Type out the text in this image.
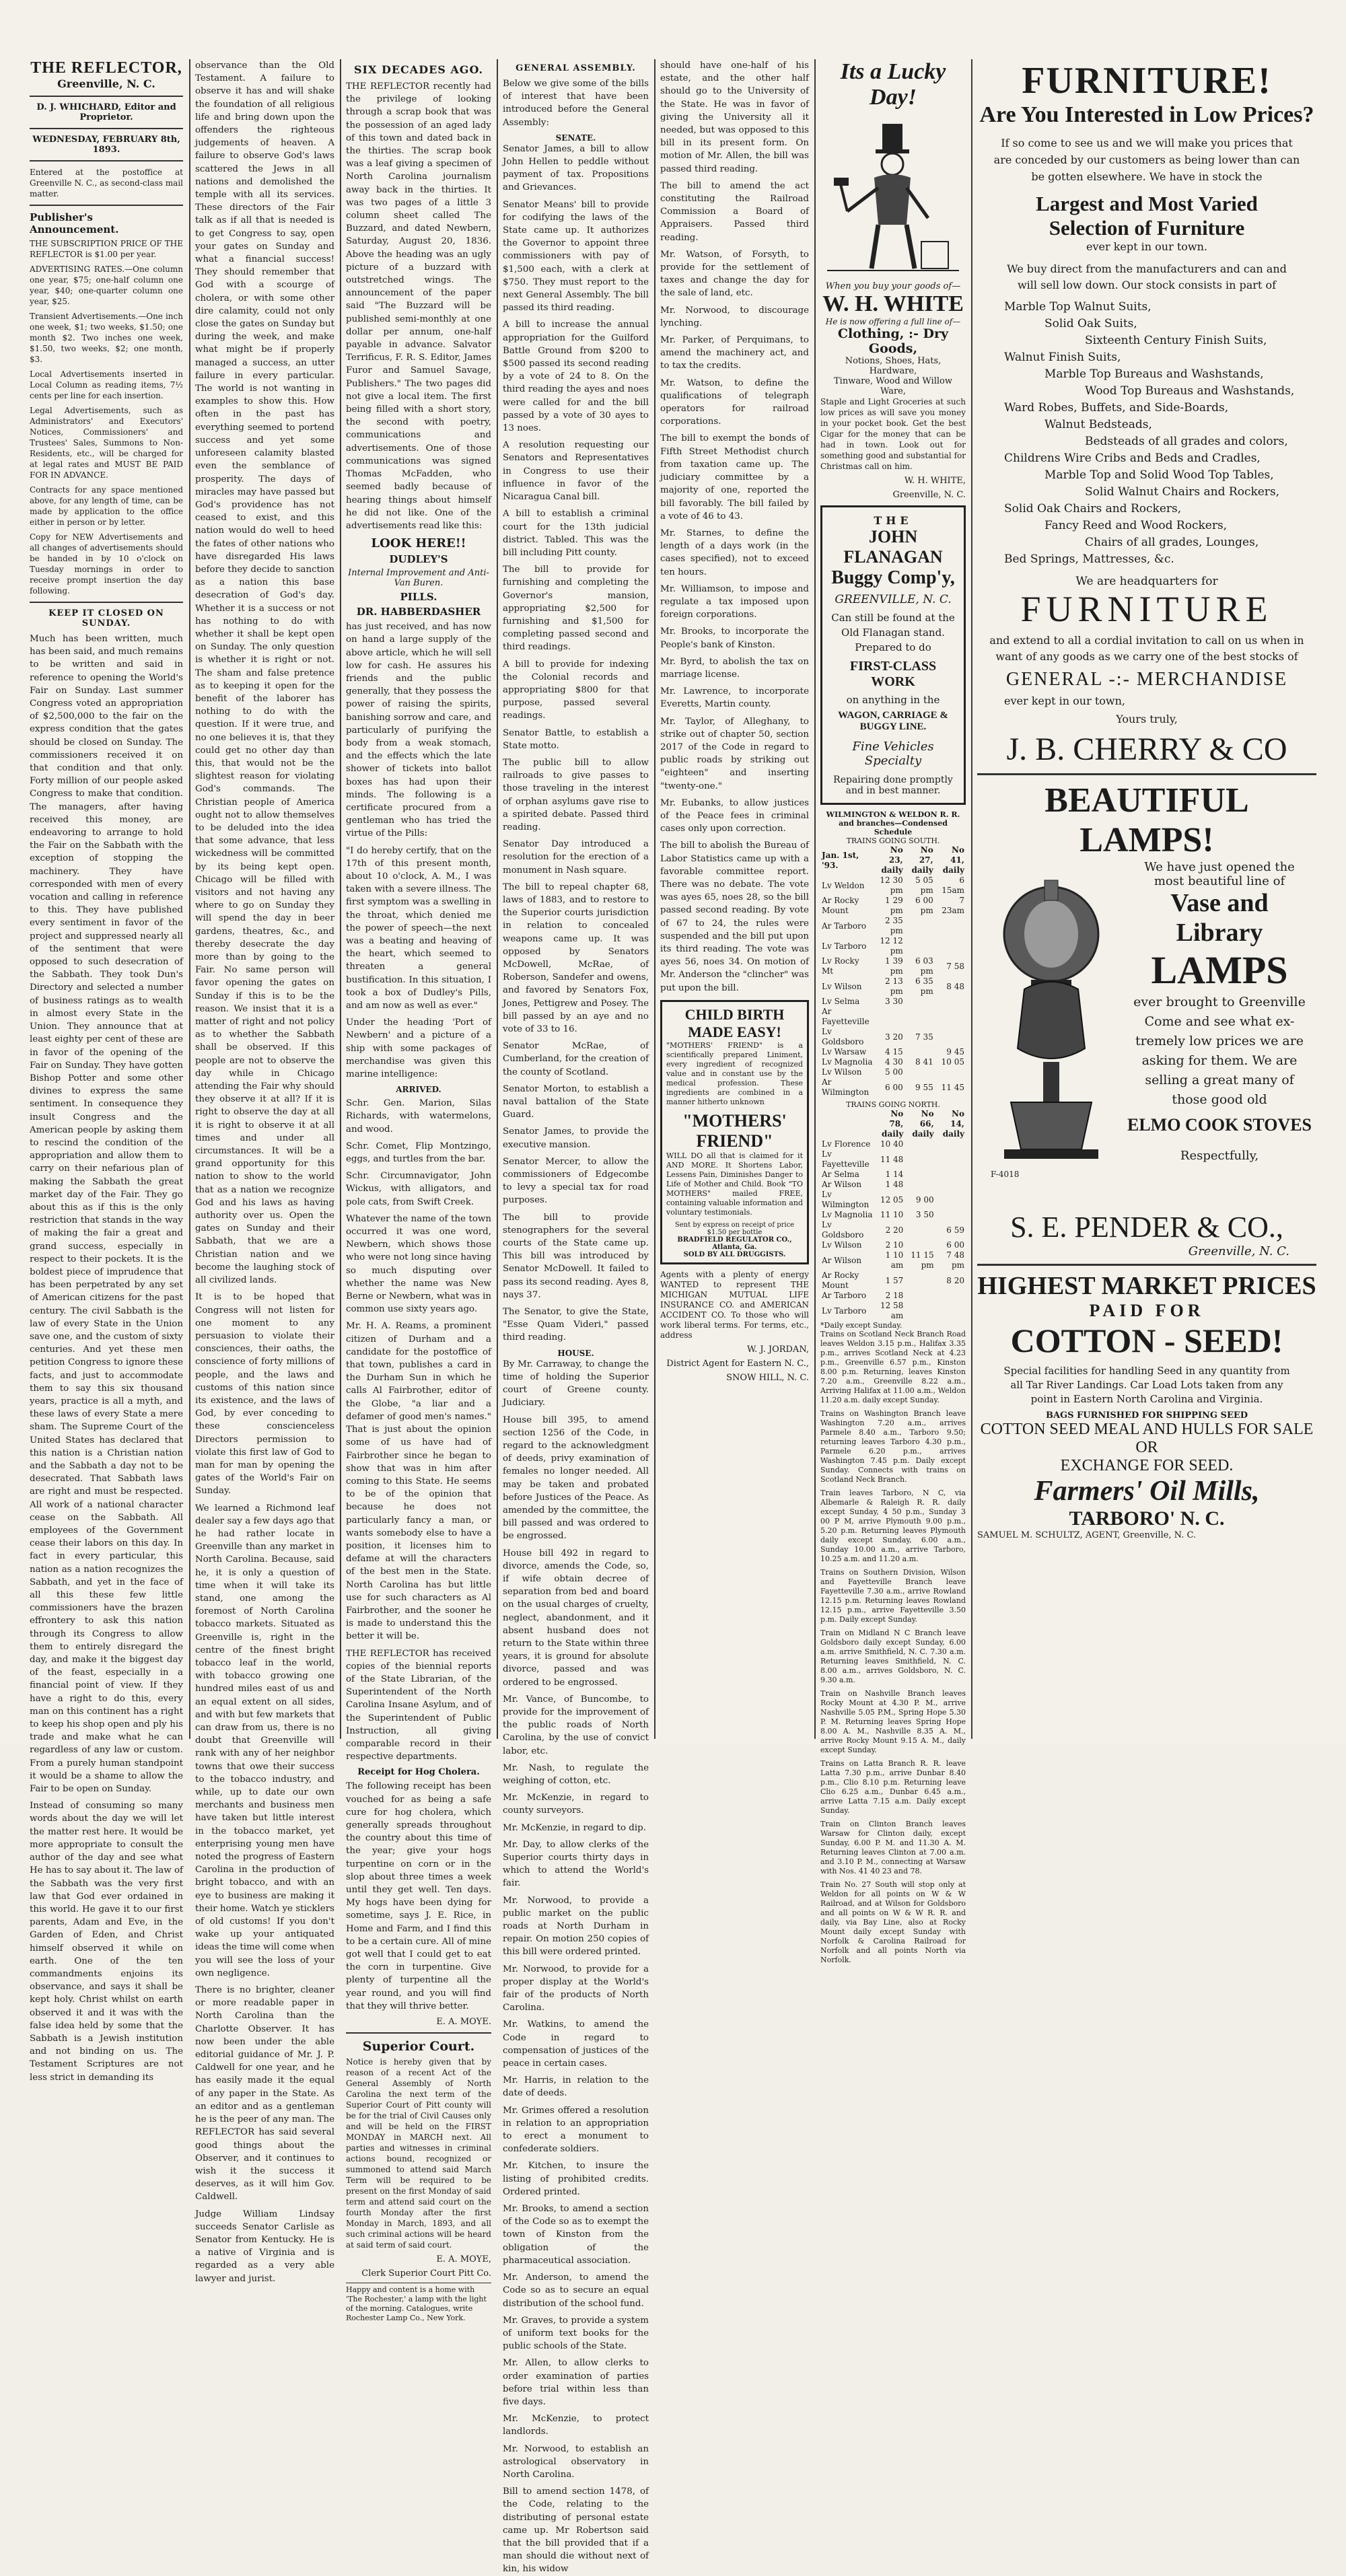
THE REFLECTOR,
Greenville, N. C.
D. J. WHICHARD, Editor and Proprietor.
WEDNESDAY, FEBRUARY 8th, 1893.

Entered at the postoffice at Greenville N. C., as second-class mail matter.

Publisher's Announcement.

THE SUBSCRIPTION PRICE OF THE REFLECTOR is $1.00 per year.

ADVERTISING RATES.—One column one year, $75; one-half column one year, $40; one-quarter column one year, $25.

Transient Advertisements.—One inch one week, $1; two weeks, $1.50; one month $2. Two inches one week, $1.50, two weeks, $2; one month, $3.

Local Advertisements inserted in Local Column as reading items, 7½ cents per line for each insertion.

Legal Advertisements, such as Administrators' and Executors' Notices, Commissioners' and Trustees' Sales, Summons to Non-Residents, etc., will be charged for at legal rates and MUST BE PAID FOR IN ADVANCE.

Contracts for any space mentioned above, for any length of time, can be made by application to the office either in person or by letter.

Copy for NEW Advertisements and all changes of advertisements should be handed in by 10 o'clock on Tuesday mornings in order to receive prompt insertion the day following.

KEEP IT CLOSED ON SUNDAY.

Much has been written, much has been said, and much remains to be written and said in reference to opening the World's Fair on Sunday. Last summer Congress voted an appropriation of $2,500,000 to the fair on the express condition that the gates should be closed on Sunday. The commissioners received it on that condition and that only. Forty million of our people asked Congress to make that condition. The managers, after having received this money, are endeavoring to arrange to hold the Fair on the Sabbath with the exception of stopping the machinery. They have corresponded with men of every vocation and calling in reference to this. They have published every sentiment in favor of the project and suppressed nearly all of the sentiment that were opposed to such desecration of the Sabbath. They took Dun's Directory and selected a number of business ratings as to wealth in almost every State in the Union. They announce that at least eighty per cent of these are in favor of the opening of the Fair on Sunday. They have gotten Bishop Potter and some other divines to express the same sentiment. In consequence they insult Congress and the American people by asking them to rescind the condition of the appropriation and allow them to carry on their nefarious plan of making the Sabbath the great market day of the Fair. They go about this as if this is the only restriction that stands in the way of making the fair a great and grand success, especially in respect to their pockets. It is the boldest piece of imprudence that has been perpetrated by any set of American citizens for the past century. The civil Sabbath is the law of every State in the Union save one, and the custom of sixty centuries. And yet these men petition Congress to ignore these facts, and just to accommodate them to say this six thousand years, practice is all a myth, and these laws of every State a mere sham. The Supreme Court of the United States has declared that this nation is a Christian nation and the Sabbath a day not to be desecrated. That Sabbath laws are right and must be respected. All work of a national character cease on the Sabbath. All employees of the Government cease their labors on this day. In fact in every particular, this nation as a nation recognizes the Sabbath, and yet in the face of all this these few little commissioners have the brazen effrontery to ask this nation through its Congress to allow them to entirely disregard the day, and make it the biggest day of the feast, especially in a financial point of view. If they have a right to do this, every man on this continent has a right to keep his shop open and ply his trade and make what he can regardless of any law or custom. From a purely human standpoint it would be a shame to allow the Fair to be open on Sunday.

Instead of consuming so many words about the day we will let the matter rest here. It would be more appropriate to consult the author of the day and see what He has to say about it. The law of the Sabbath was the very first law that God ever ordained in this world. He gave it to our first parents, Adam and Eve, in the Garden of Eden, and Christ himself observed it while on earth. One of the ten commandments enjoins its observance, and says it shall be kept holy. Christ whilst on earth observed it and it was with the false idea held by some that the Sabbath is a Jewish institution and not binding on us. The Testament Scriptures are not less strict in demanding its

observance than the Old Testament. A failure to observe it has and will shake the foundation of all religious life and bring down upon the offenders the righteous judgements of heaven. A failure to observe God's laws scattered the Jews in all nations and demolished the temple with all its services. These directors of the Fair talk as if all that is needed is to get Congress to say, open your gates on Sunday and what a financial success! They should remember that God with a scourge of cholera, or with some other dire calamity, could not only close the gates on Sunday but during the week, and make what might be if properly managed a success, an utter failure in every particular. The world is not wanting in examples to show this. How often in the past has everything seemed to portend success and yet some unforeseen calamity blasted even the semblance of prosperity. The days of miracles may have passed but God's providence has not ceased to exist, and this nation would do well to heed the fates of other nations who have disregarded His laws before they decide to sanction as a nation this base desecration of God's day. Whether it is a success or not has nothing to do with whether it shall be kept open on Sunday. The only question is whether it is right or not. The sham and false pretence as to keeping it open for the benefit of the laborer has nothing to do with the question. If it were true, and no one believes it is, that they could get no other day than this, that would not be the slightest reason for violating God's commands. The Christian people of America ought not to allow themselves to be deluded into the idea that some advance, that less wickedness will be committed by its being kept open. Chicago will be filled with visitors and not having any where to go on Sunday they will spend the day in beer gardens, theatres, &c., and thereby desecrate the day more than by going to the Fair. No same person will favor opening the gates on Sunday if this is to be the reason. We insist that it is a matter of right and not policy as to whether the Sabbath shall be observed. If this people are not to observe the day while in Chicago attending the Fair why should they observe it at all? If it is right to observe the day at all it is right to observe it at all times and under all circumstances. It will be a grand opportunity for this nation to show to the world that as a nation we recognize God and his laws as having authority over us. Open the gates on Sunday and their Sabbath, that we are a Christian nation and we become the laughing stock of all civilized lands.

It is to be hoped that Congress will not listen for one moment to any persuasion to violate their consciences, their oaths, the conscience of forty millions of people, and the laws and customs of this nation since its existence, and the laws of God, by ever conceding to these conscienceless Directors permission to violate this first law of God to man for man by opening the gates of the World's Fair on Sunday.

We learned a Richmond leaf dealer say a few days ago that he had rather locate in Greenville than any market in North Carolina. Because, said he, it is only a question of time when it will take its stand, one among the foremost of North Carolina tobacco markets. Situated as Greenville is, right in the centre of the finest bright tobacco leaf in the world, with tobacco growing one hundred miles east of us and an equal extent on all sides, and with but few markets that can draw from us, there is no doubt that Greenville will rank with any of her neighbor towns that owe their success to the tobacco industry, and while, up to date our own merchants and business men have taken but little interest in the tobacco market, yet enterprising young men have noted the progress of Eastern Carolina in the production of bright tobacco, and with an eye to business are making it their home. Watch ye sticklers of old customs! If you don't wake up your antiquated ideas the time will come when you will see the loss of your own negligence.

There is no brighter, cleaner or more readable paper in North Carolina than the Charlotte Observer. It has now been under the able editorial guidance of Mr. J. P. Caldwell for one year, and he has easily made it the equal of any paper in the State. As an editor and as a gentleman he is the peer of any man. The REFLECTOR has said several good things about the Observer, and it continues to wish it the success it deserves, as it will him Gov. Caldwell.

Judge William Lindsay succeeds Senator Carlisle as Senator from Kentucky. He is a native of Virginia and is regarded as a very able lawyer and jurist.

SIX DECADES AGO.

THE REFLECTOR recently had the privilege of looking through a scrap book that was the possession of an aged lady of this town and dated back in the thirties. The scrap book was a leaf giving a specimen of North Carolina journalism away back in the thirties. It was two pages of a little 3 column sheet called The Buzzard, and dated Newbern, Saturday, August 20, 1836. Above the heading was an ugly picture of a buzzard with outstretched wings. The announcement of the paper said "The Buzzard will be published semi-monthly at one dollar per annum, one-half payable in advance. Salvator Terrificus, F. R. S. Editor, James Furor and Samuel Savage, Publishers." The two pages did not give a local item. The first being filled with a short story, the second with poetry, communications and advertisements. One of those communications was signed Thomas McFadden, who seemed badly because of hearing things about himself he did not like. One of the advertisements read like this:

LOOK HERE!!
DUDLEY'S
Internal Improvement and Anti-Van Buren.
PILLS.
DR. HABBERDASHER

has just received, and has now on hand a large supply of the above article, which he will sell low for cash. He assures his friends and the public generally, that they possess the power of raising the spirits, banishing sorrow and care, and particularly of purifying the body from a weak stomach, and the effects which the late shower of tickets into ballot boxes has had upon their minds. The following is a certificate procured from a gentleman who has tried the virtue of the Pills:

"I do hereby certify, that on the 17th of this present month, about 10 o'clock, A. M., I was taken with a severe illness. The first symptom was a swelling in the throat, which denied me the power of speech—the next was a beating and heaving of the heart, which seemed to threaten a general bustification. In this situation, I took a box of Dudley's Pills, and am now as well as ever."

Under the heading 'Port of Newbern' and a picture of a ship with some packages of merchandise was given this marine intelligence:

ARRIVED.

Schr. Gen. Marion, Silas Richards, with watermelons, and wood.

Schr. Comet, Flip Montzingo, eggs, and turtles from the bar.

Schr. Circumnavigator, John Wickus, with alligators, and pole cats, from Swift Creek.

Whatever the name of the town occurred it was one word, Newbern, which shows those who were not long since having so much disputing over whether the name was New Berne or Newbern, what was in common use sixty years ago.

Mr. H. A. Reams, a prominent citizen of Durham and a candidate for the postoffice of that town, publishes a card in the Durham Sun in which he calls Al Fairbrother, editor of the Globe, "a liar and a defamer of good men's names." That is just about the opinion some of us have had of Fairbrother since he began to show that was in him after coming to this State. He seems to be of the opinion that because he does not particularly fancy a man, or wants somebody else to have a position, it licenses him to defame at will the characters of the best men in the State. North Carolina has but little use for such characters as Al Fairbrother, and the sooner he is made to understand this the better it will be.

THE REFLECTOR has received copies of the biennial reports of the State Librarian, of the Superintendent of the North Carolina Insane Asylum, and of the Superintendent of Public Instruction, all giving comparable record in their respective departments.

Receipt for Hog Cholera.

The following receipt has been vouched for as being a safe cure for hog cholera, which generally spreads throughout the country about this time of the year; give your hogs turpentine on corn or in the slop about three times a week until they get well. Ten days. My hogs have been dying for sometime, says J. E. Rice, in Home and Farm, and I find this to be a certain cure. All of mine got well that I could get to eat the corn in turpentine. Give plenty of turpentine all the year round, and you will find that they will thrive better.

E. A. MOYE.
Superior Court.

Notice is hereby given that by reason of a recent Act of the General Assembly of North Carolina the next term of the Superior Court of Pitt county will be for the trial of Civil Causes only and will be held on the FIRST MONDAY in MARCH next. All parties and witnesses in criminal actions bound, recognized or summoned to attend said March Term will be required to be present on the first Monday of said term and attend said court on the fourth Monday after the first Monday in March, 1893, and all such criminal actions will be heard at said term of said court.

E. A. MOYE,
Clerk Superior Court Pitt Co.
Happy and content is a home with 'The Rochester,' a lamp with the light of the morning. Catalogues, write Rochester Lamp Co., New York.
GENERAL ASSEMBLY.

Below we give some of the bills of interest that have been introduced before the General Assembly:

SENATE.

Senator James, a bill to allow John Hellen to peddle without payment of tax. Propositions and Grievances.

Senator Means' bill to provide for codifying the laws of the State came up. It authorizes the Governor to appoint three commissioners with pay of $1,500 each, with a clerk at $750. They must report to the next General Assembly. The bill passed its third reading.

A bill to increase the annual appropriation for the Guilford Battle Ground from $200 to $500 passed its second reading by a vote of 24 to 8. On the third reading the ayes and noes were called for and the bill passed by a vote of 30 ayes to 13 noes.

A resolution requesting our Senators and Representatives in Congress to use their influence in favor of the Nicaragua Canal bill.

A bill to establish a criminal court for the 13th judicial district. Tabled. This was the bill including Pitt county.

The bill to provide for furnishing and completing the Governor's mansion, appropriating $2,500 for furnishing and $1,500 for completing passed second and third readings.

A bill to provide for indexing the Colonial records and appropriating $800 for that purpose, passed several readings.

Senator Battle, to establish a State motto.

The public bill to allow railroads to give passes to those traveling in the interest of orphan asylums gave rise to a spirited debate. Passed third reading.

Senator Day introduced a resolution for the erection of a monument in Nash square.

The bill to repeal chapter 68, laws of 1883, and to restore to the Superior courts jurisdiction in relation to concealed weapons came up. It was opposed by Senators McDowell, McRae, of Roberson, Sandefer and owens, and favored by Senators Fox, Jones, Pettigrew and Posey. The bill passed by an aye and no vote of 33 to 16.

Senator McRae, of Cumberland, for the creation of the county of Scotland.

Senator Morton, to establish a naval battalion of the State Guard.

Senator James, to provide the executive mansion.

Senator Mercer, to allow the commissioners of Edgecombe to levy a special tax for road purposes.

The bill to provide stenographers for the several courts of the State came up. This bill was introduced by Senator McDowell. It failed to pass its second reading. Ayes 8, nays 37.

The Senator, to give the State, "Esse Quam Videri," passed third reading.

HOUSE.

By Mr. Carraway, to change the time of holding the Superior court of Greene county. Judiciary.

House bill 395, to amend section 1256 of the Code, in regard to the acknowledgment of deeds, privy examination of females no longer needed. All may be taken and probated before Justices of the Peace. As amended by the committee, the bill passed and was ordered to be engrossed.

House bill 492 in regard to divorce, amends the Code, so, if wife obtain decree of separation from bed and board on the usual charges of cruelty, neglect, abandonment, and it absent husband does not return to the State within three years, it is ground for absolute divorce, passed and was ordered to be engrossed.

Mr. Vance, of Buncombe, to provide for the improvement of the public roads of North Carolina, by the use of convict labor, etc.

Mr. Nash, to regulate the weighing of cotton, etc.

Mr. McKenzie, in regard to county surveyors.

Mr. McKenzie, in regard to dip.

Mr. Day, to allow clerks of the Superior courts thirty days in which to attend the World's fair.

Mr. Norwood, to provide a public market on the public roads at North Durham in repair. On motion 250 copies of this bill were ordered printed.

Mr. Norwood, to provide for a proper display at the World's fair of the products of North Carolina.

Mr. Watkins, to amend the Code in regard to compensation of justices of the peace in certain cases.

Mr. Harris, in relation to the date of deeds.

Mr. Grimes offered a resolution in relation to an appropriation to erect a monument to confederate soldiers.

Mr. Kitchen, to insure the listing of prohibited credits. Ordered printed.

Mr. Brooks, to amend a section of the Code so as to exempt the town of Kinston from the obligation of the pharmaceutical association.

Mr. Anderson, to amend the Code so as to secure an equal distribution of the school fund.

Mr. Graves, to provide a system of uniform text books for the public schools of the State.

Mr. Allen, to allow clerks to order examination of parties before trial within less than five days.

Mr. McKenzie, to protect landlords.

Mr. Norwood, to establish an astrological observatory in North Carolina.

Bill to amend section 1478, of the Code, relating to the distributing of personal estate came up. Mr Robertson said that the bill provided that if a man should die without next of kin, his widow

should have one-half of his estate, and the other half should go to the University of the State. He was in favor of giving the University all it needed, but was opposed to this bill in its present form. On motion of Mr. Allen, the bill was passed third reading.

The bill to amend the act constituting the Railroad Commission a Board of Appraisers. Passed third reading.

Mr. Watson, of Forsyth, to provide for the settlement of taxes and change the day for the sale of land, etc.

Mr. Norwood, to discourage lynching.

Mr. Parker, of Perquimans, to amend the machinery act, and to tax the credits.

Mr. Watson, to define the qualifications of telegraph operators for railroad corporations.

The bill to exempt the bonds of Fifth Street Methodist church from taxation came up. The judiciary committee by a majority of one, reported the bill favorably. The bill failed by a vote of 46 to 43.

Mr. Starnes, to define the length of a days work (in the cases specified), not to exceed ten hours.

Mr. Williamson, to impose and regulate a tax imposed upon foreign corporations.

Mr. Brooks, to incorporate the People's bank of Kinston.

Mr. Byrd, to abolish the tax on marriage license.

Mr. Lawrence, to incorporate Everetts, Martin county.

Mr. Taylor, of Alleghany, to strike out of chapter 50, section 2017 of the Code in regard to public roads by striking out "eighteen" and inserting "twenty-one."

Mr. Eubanks, to allow justices of the Peace fees in criminal cases only upon correction.

The bill to abolish the Bureau of Labor Statistics came up with a favorable committee report. There was no debate. The vote was ayes 65, noes 28, so the bill passed second reading. By vote of 67 to 24, the rules were suspended and the bill put upon its third reading. The vote was ayes 56, noes 34. On motion of Mr. Anderson the "clincher" was put upon the bill.

CHILD BIRTH
MADE EASY!

"MOTHERS' FRIEND" is a scientifically prepared Liniment, every ingredient of recognized value and in constant use by the medical profession. These ingredients are combined in a manner hitherto unknown

"MOTHERS' FRIEND"

WILL DO all that is claimed for it AND MORE. It Shortens Labor, Lessens Pain, Diminishes Danger to Life of Mother and Child. Book "TO MOTHERS" mailed FREE, containing valuable information and voluntary testimonials.

Sent by express on receipt of price $1.50 per bottle
BRADFIELD REGULATOR CO., Atlanta, Ga.
SOLD BY ALL DRUGGISTS.

Agents with a plenty of energy WANTED to represent THE MICHIGAN MUTUAL LIFE INSURANCE CO. and AMERICAN ACCIDENT CO. To those who will work liberal terms. For terms, etc., address

W. J. JORDAN,
District Agent for Eastern N. C.,
SNOW HILL, N. C.
Its a Lucky Day!
When you buy your goods of—
W. H. WHITE
He is now offering a full line of—
Clothing, :- Dry Goods,
Notions, Shoes, Hats, Hardware,
Tinware, Wood and Willow Ware,

Staple and Light Groceries at such low prices as will save you money in your pocket book. Get the best Cigar for the money that can be had in town. Look out for something good and substantial for Christmas call on him.

W. H. WHITE,
Greenville, N. C.
THE
JOHN FLANAGAN
Buggy Comp'y,
GREENVILLE, N. C.

Can still be found at the Old Flanagan stand. Prepared to do

FIRST-CLASS WORK
on anything in the
WAGON, CARRIAGE & BUGGY LINE.
Fine Vehicles Specialty
Repairing done promptly and in best manner.
WILMINGTON & WELDON R. R. and branches—Condensed Schedule
TRAINS GOING SOUTH.
Jan. 1st, '93.	No 23, daily	No 27, daily	No 41, daily
Lv Weldon	12 30 pm	5 05 pm	6 15am
Ar Rocky Mount	1 29 pm	6 00 pm	7 23am
Ar Tarboro	2 35 pm		
Lv Tarboro	12 12 pm		
Lv Rocky Mt	1 39 pm	6 03 pm	7 58
Lv Wilson	2 13 pm	6 35 pm	8 48
Lv Selma	3 30		
Ar Fayetteville			
Lv Goldsboro	3 20	7 35	
Lv Warsaw	4 15		9 45
Lv Magnolia	4 30	8 41	10 05
Lv Wilson	5 00		
Ar Wilmington	6 00	9 55	11 45
TRAINS GOING NORTH.
	No 78, daily	No 66, daily	No 14, daily
Lv Florence	10 40		
Lv Fayetteville	11 48		
Ar Selma	1 14		
Ar Wilson	1 48		
Lv Wilmington	12 05	9 00	
Lv Magnolia	11 10	3 50	
Lv Goldsboro	2 20		6 59
Lv Wilson	2 10		6 00
Ar Wilson	1 10 am	11 15 pm	7 48 pm
Ar Rocky Mount	1 57		8 20
Ar Tarboro	2 18		
Lv Tarboro	12 58 am		
*Daily except Sunday.

Trains on Scotland Neck Branch Road leaves Weldon 3.15 p.m., Halifax 3.35 p.m., arrives Scotland Neck at 4.23 p.m., Greenville 6.57 p.m., Kinston 8.00 p.m. Returning, leaves Kinston 7.20 a.m., Greenville 8.22 a.m., Arriving Halifax at 11.00 a.m., Weldon 11.20 a.m. daily except Sunday.

Trains on Washington Branch leave Washington 7.20 a.m., arrives Parmele 8.40 a.m., Tarboro 9.50; returning leaves Tarboro 4.30 p.m., Parmele 6.20 p.m., arrives Washington 7.45 p.m. Daily except Sunday. Connects with trains on Scotland Neck Branch.

Train leaves Tarboro, N C, via Albemarle & Raleigh R. R. daily except Sunday, 4 50 p.m., Sunday 3 00 P M, arrive Plymouth 9.00 p.m., 5.20 p.m. Returning leaves Plymouth daily except Sunday, 6.00 a.m., Sunday 10.00 a.m., arrive Tarboro, 10.25 a.m. and 11.20 a.m.

Trains on Southern Division, Wilson and Fayetteville Branch leave Fayetteville 7.30 a.m., arrive Rowland 12.15 p.m. Returning leaves Rowland 12.15 p.m., arrive Fayetteville 3.50 p.m. Daily except Sunday.

Train on Midland N C Branch leave Goldsboro daily except Sunday, 6.00 a.m. arrive Smithfield, N. C. 7.30 a.m. Returning leaves Smithfield, N. C. 8.00 a.m., arrives Goldsboro, N. C. 9.30 a.m.

Train on Nashville Branch leaves Rocky Mount at 4.30 P. M., arrive Nashville 5.05 P.M., Spring Hope 5.30 P. M. Returning leaves Spring Hope 8.00 A. M., Nashville 8.35 A. M., arrive Rocky Mount 9.15 A. M., daily except Sunday.

Trains on Latta Branch R. R. leave Latta 7.30 p.m., arrive Dunbar 8.40 p.m., Clio 8.10 p.m. Returning leave Clio 6.25 a.m., Dunbar 6.45 a.m., arrive Latta 7.15 a.m. Daily except Sunday.

Train on Clinton Branch leaves Warsaw for Clinton daily, except Sunday, 6.00 P. M. and 11.30 A. M. Returning leaves Clinton at 7.00 a.m. and 3.10 P. M., connecting at Warsaw with Nos. 41 40 23 and 78.

Train No. 27 South will stop only at Weldon for all points on W & W Railroad, and at Wilson for Goldsboro and all points on W & W R. R. and daily, via Bay Line, also at Rocky Mount daily except Sunday with Norfolk & Carolina Railroad for Norfolk and all points North via Norfolk.

FURNITURE!
Are You Interested in Low Prices?

If so come to see us and we will make you prices that are conceded by our customers as being lower than can be gotten elsewhere. We have in stock the

Largest and Most Varied
Selection of Furniture
ever kept in our town.

We buy direct from the manufacturers and can and will sell low down. Our stock consists in part of

Marble Top Walnut Suits,
Solid Oak Suits,
Sixteenth Century Finish Suits,
Walnut Finish Suits,
Marble Top Bureaus and Washstands,
Wood Top Bureaus and Washstands,
Ward Robes, Buffets, and Side-Boards,
Walnut Bedsteads,
Bedsteads of all grades and colors,
Childrens Wire Cribs and Beds and Cradles,
Marble Top and Solid Wood Top Tables,
Solid Walnut Chairs and Rockers,
Solid Oak Chairs and Rockers,
Fancy Reed and Wood Rockers,
Chairs of all grades, Lounges,
Bed Springs, Mattresses, &c.
We are headquarters for
FURNITURE

and extend to all a cordial invitation to call on us when in want of any goods as we carry one of the best stocks of

GENERAL -:- MERCHANDISE
ever kept in our town,
Yours truly,
J. B. CHERRY & CO
BEAUTIFUL LAMPS!
F-4018
We have just opened the
most beautiful line of
Vase and Library
LAMPS
ever brought to Greenville
Come and see what ex-
tremely low prices we are
asking for them. We are
selling a great many of
those good old
ELMO COOK STOVES
Respectfully,
S. E. PENDER & CO.,
Greenville, N. C.
HIGHEST MARKET PRICES
PAID FOR
COTTON - SEED!

Special facilities for handling Seed in any quantity from all Tar River Landings. Car Load Lots taken from any point in Eastern North Carolina and Virginia.

BAGS FURNISHED FOR SHIPPING SEED
COTTON SEED MEAL AND HULLS FOR SALE OR
EXCHANGE FOR SEED.
Farmers' Oil Mills,
TARBORO' N. C.
SAMUEL M. SCHULTZ, AGENT, Greenville, N. C.
